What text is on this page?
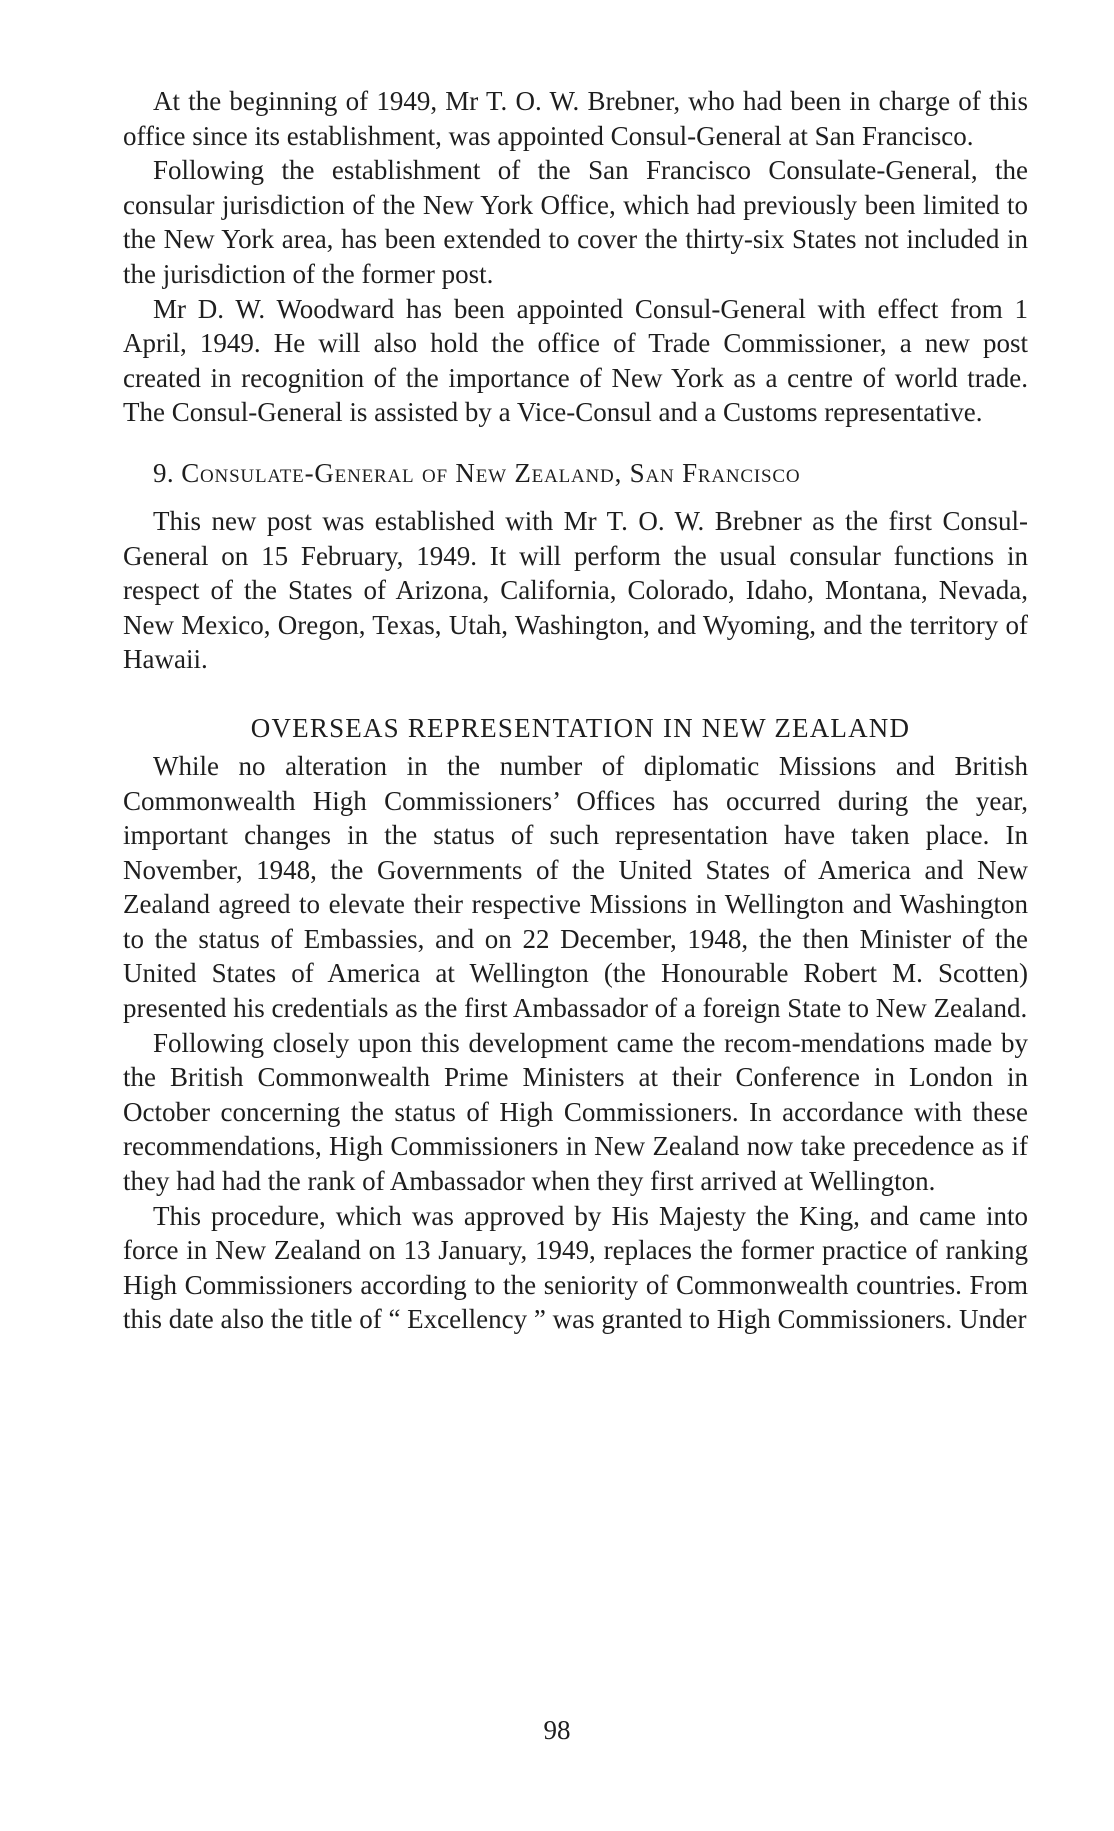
At the beginning of 1949, Mr T. O. W. Brebner, who had been in charge of this office since its establishment, was appointed Consul-General at San Francisco.

Following the establishment of the San Francisco Consulate-General, the consular jurisdiction of the New York Office, which had previously been limited to the New York area, has been extended to cover the thirty-six States not included in the jurisdiction of the former post.

Mr D. W. Woodward has been appointed Consul-General with effect from 1 April, 1949. He will also hold the office of Trade Commissioner, a new post created in recognition of the importance of New York as a centre of world trade. The Consul-General is assisted by a Vice-Consul and a Customs representative.

9. Consulate-General of New Zealand, San Francisco

This new post was established with Mr T. O. W. Brebner as the first Consul-General on 15 February, 1949. It will perform the usual consular functions in respect of the States of Arizona, California, Colorado, Idaho, Montana, Nevada, New Mexico, Oregon, Texas, Utah, Washington, and Wyoming, and the territory of Hawaii.

OVERSEAS REPRESENTATION IN NEW ZEALAND

While no alteration in the number of diplomatic Missions and British Commonwealth High Commissioners’ Offices has occurred during the year, important changes in the status of such representation have taken place. In November, 1948, the Governments of the United States of America and New Zealand agreed to elevate their respective Missions in Wellington and Washington to the status of Embassies, and on 22 December, 1948, the then Minister of the United States of America at Wellington (the Honourable Robert M. Scotten) presented his credentials as the first Ambassador of a foreign State to New Zealand.

Following closely upon this development came the recom-mendations made by the British Commonwealth Prime Ministers at their Conference in London in October concerning the status of High Commissioners. In accordance with these recommendations, High Commissioners in New Zealand now take precedence as if they had had the rank of Ambassador when they first arrived at Wellington.

This procedure, which was approved by His Majesty the King, and came into force in New Zealand on 13 January, 1949, replaces the former practice of ranking High Commissioners according to the seniority of Commonwealth countries. From this date also the title of “ Excellency ” was granted to High Commissioners. Under

98
